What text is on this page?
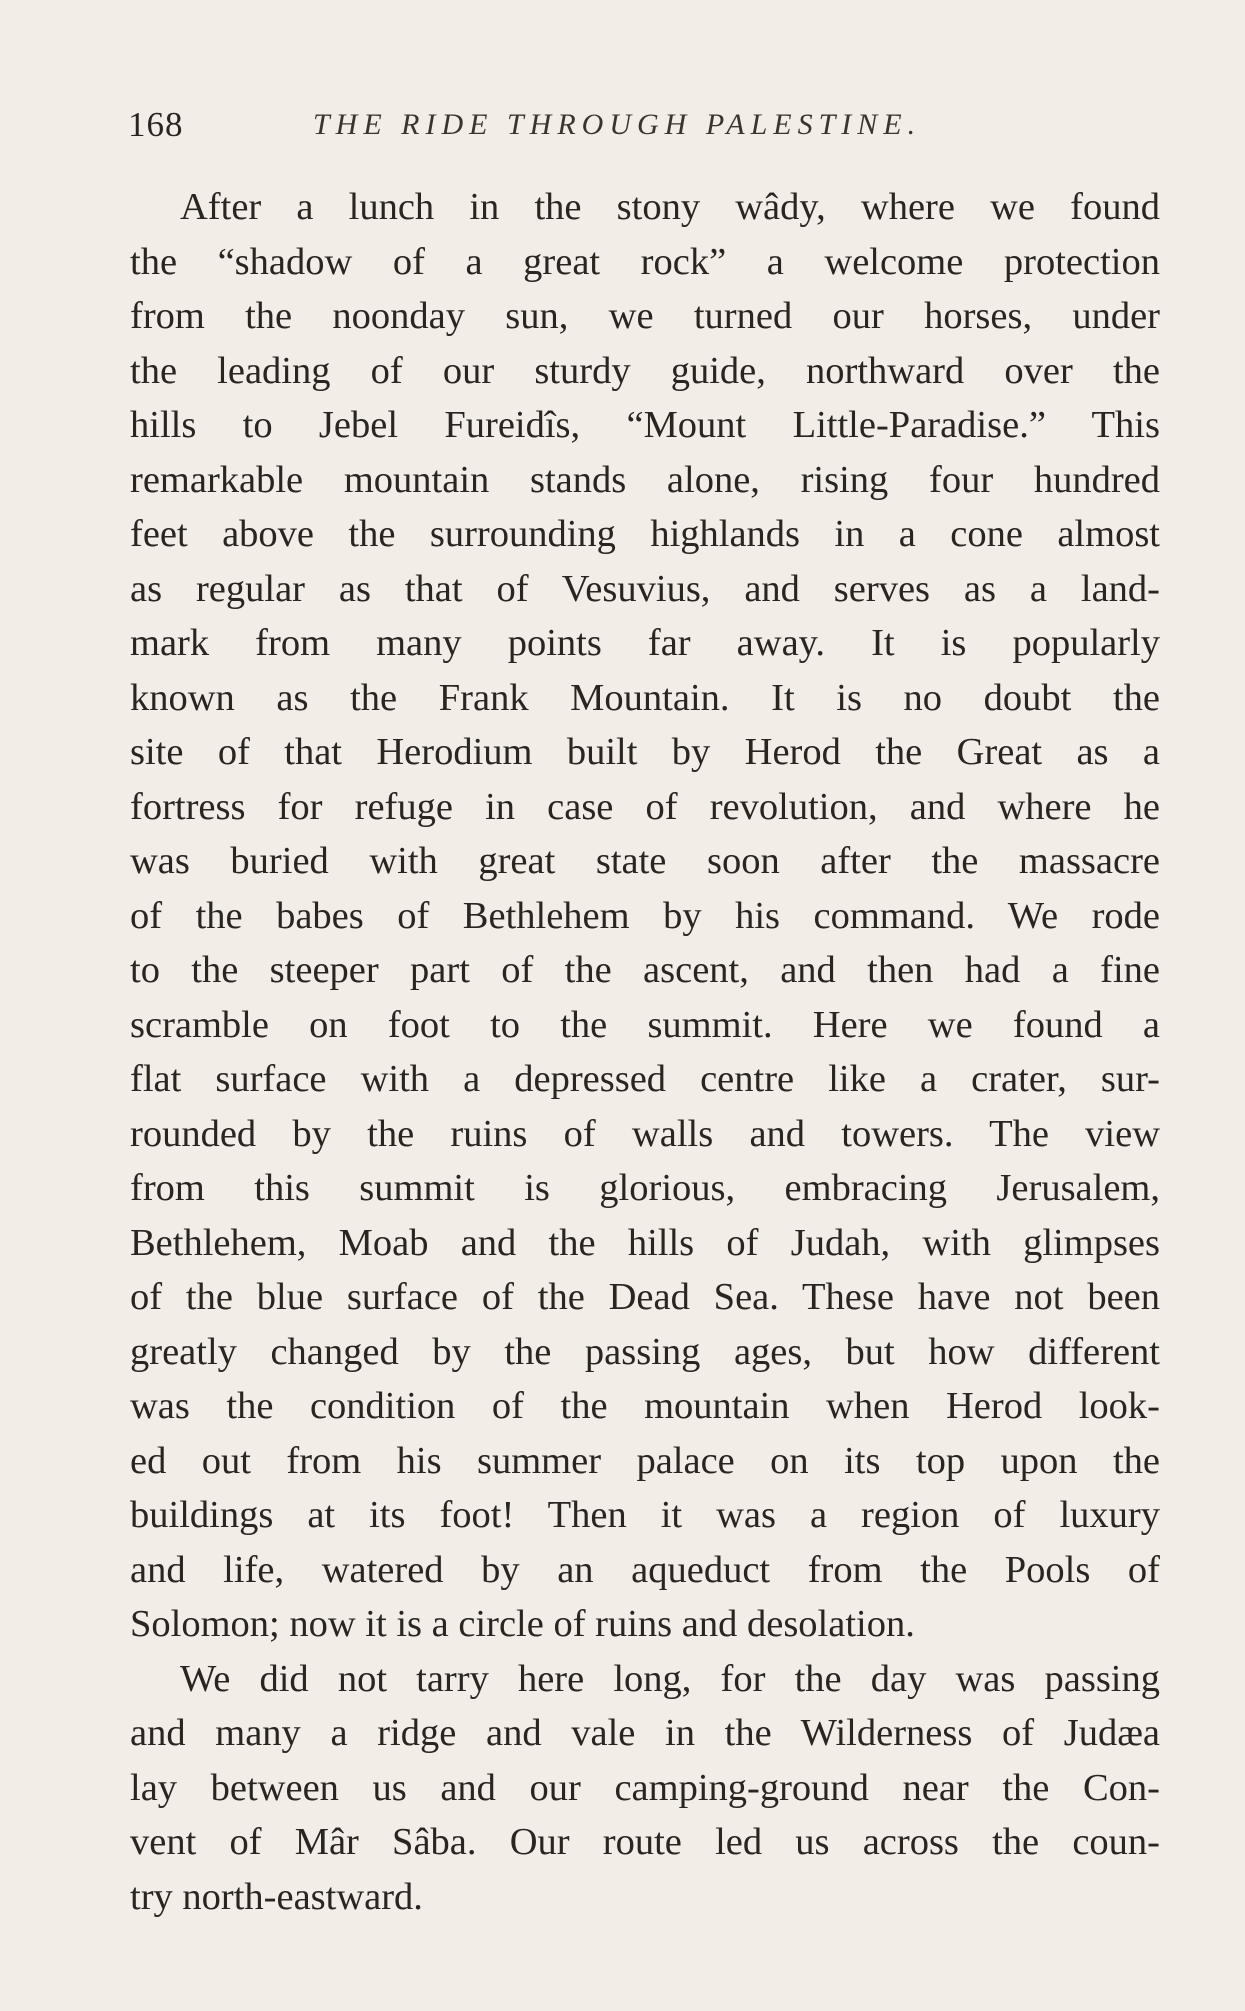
168	THE RIDE THROUGH PALESTINE.
After a lunch in the stony wâdy, where we found
the “shadow of a great rock” a welcome protection
from the noonday sun, we turned our horses, under
the leading of our sturdy guide, northward over the
hills to Jebel Fureidîs, “Mount Little-Paradise.” This
remarkable mountain stands alone, rising four hundred
feet above the surrounding highlands in a cone almost
as regular as that of Vesuvius, and serves as a land-
mark from many points far away. It is popularly
known as the Frank Mountain. It is no doubt the
site of that Herodium built by Herod the Great as a
fortress for refuge in case of revolution, and where he
was buried with great state soon after the massacre
of the babes of Bethlehem by his command. We rode
to the steeper part of the ascent, and then had a fine
scramble on foot to the summit. Here we found a
flat surface with a depressed centre like a crater, sur-
rounded by the ruins of walls and towers. The view
from this summit is glorious, embracing Jerusalem,
Bethlehem, Moab and the hills of Judah, with glimpses
of the blue surface of the Dead Sea. These have not been
greatly changed by the passing ages, but how different
was the condition of the mountain when Herod look-
ed out from his summer palace on its top upon the
buildings at its foot! Then it was a region of luxury
and life, watered by an aqueduct from the Pools of
Solomon; now it is a circle of ruins and desolation.
We did not tarry here long, for the day was passing
and many a ridge and vale in the Wilderness of Judæa
lay between us and our camping-ground near the Con-
vent of Mâr Sâba. Our route led us across the coun-
try north-eastward.
